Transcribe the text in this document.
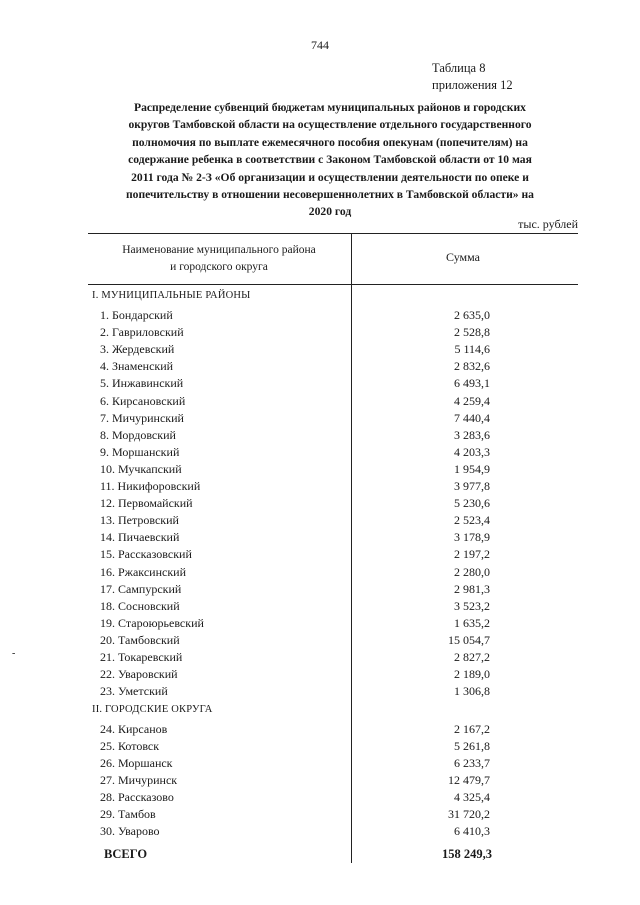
744
Таблица 8
приложения 12
Распределение субвенций бюджетам муниципальных районов и городских
округов Тамбовской области на осуществление отдельного государственного
полномочия по выплате ежемесячного пособия опекунам (попечителям) на
содержание ребенка в соответствии с Законом Тамбовской области от 10 мая
2011 года № 2-З «Об организации и осуществлении деятельности по опеке и
попечительству в отношении несовершеннолетних в Тамбовской области» на
2020 год
тыс. рублей
Наименование муниципального района
и городского округа
Сумма
I. МУНИЦИПАЛЬНЫЕ РАЙОНЫ
1. Бондарский	2 635,0
2. Гавриловский	2 528,8
3. Жердевский	5 114,6
4. Знаменский	2 832,6
5. Инжавинский	6 493,1
6. Кирсановский	4 259,4
7. Мичуринский	7 440,4
8. Мордовский	3 283,6
9. Моршанский	4 203,3
10. Мучкапский	1 954,9
11. Никифоровский	3 977,8
12. Первомайский	5 230,6
13. Петровский	2 523,4
14. Пичаевский	3 178,9
15. Рассказовский	2 197,2
16. Ржаксинский	2 280,0
17. Сампурский	2 981,3
18. Сосновский	3 523,2
19. Староюрьевский	1 635,2
20. Тамбовский	15 054,7
21. Токаревский	2 827,2
22. Уваровский	2 189,0
23. Уметский	1 306,8
II. ГОРОДСКИЕ ОКРУГА
24. Кирсанов	2 167,2
25. Котовск	5 261,8
26. Моршанск	6 233,7
27. Мичуринск	12 479,7
28. Рассказово	4 325,4
29. Тамбов	31 720,2
30. Уварово	6 410,3
ВСЕГО	158 249,3
-
